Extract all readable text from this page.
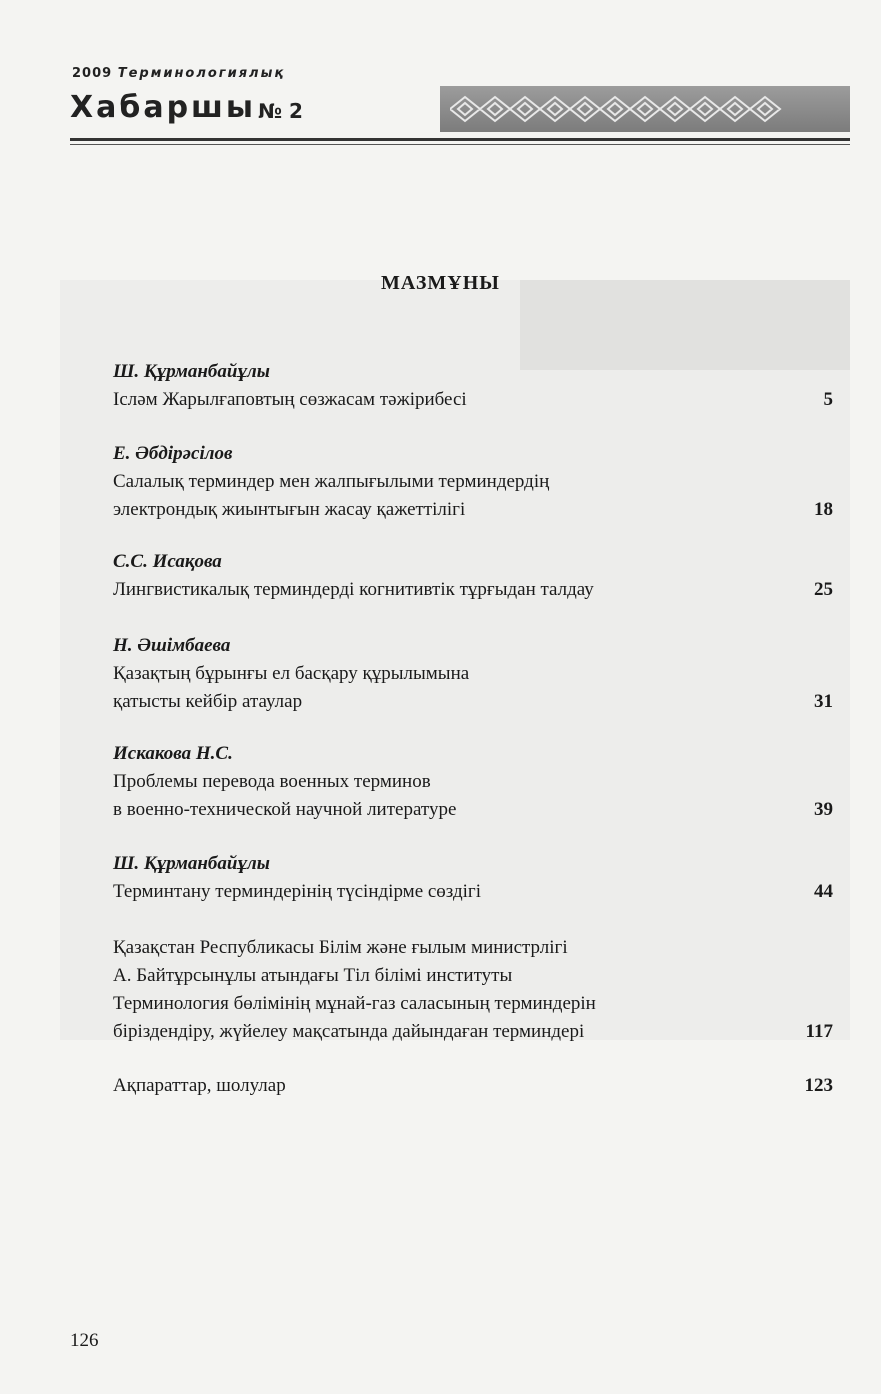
2009 Терминологиялық
Хабаршы № 2
МАЗМҰНЫ
Ш. Құрманбайұлы
Ісләм Жарылғаповтың сөзжасам тәжірибесі	5
Е. Әбдірәсілов
Салалық терминдер мен жалпығылыми терминдердің
электрондық жиынтығын жасау қажеттілігі	18
С.С. Исақова
Лингвистикалық терминдерді когнитивтік тұрғыдан талдау	25
Н. Әшімбаева
Қазақтың бұрынғы ел басқару құрылымына
қатысты кейбір атаулар	31
Искакова Н.С.
Проблемы перевода военных терминов
в военно-технической научной литературе	39
Ш. Құрманбайұлы
Терминтану терминдерінің түсіндірме сөздігі	44
Қазақстан Республикасы Білім және ғылым министрлігі
А. Байтұрсынұлы атындағы Тіл білімі институты
Терминология бөлімінің мұнай-газ саласының терминдерін
біріздендіру, жүйелеу мақсатында дайындаған терминдері	117
Ақпараттар, шолулар	123
126
